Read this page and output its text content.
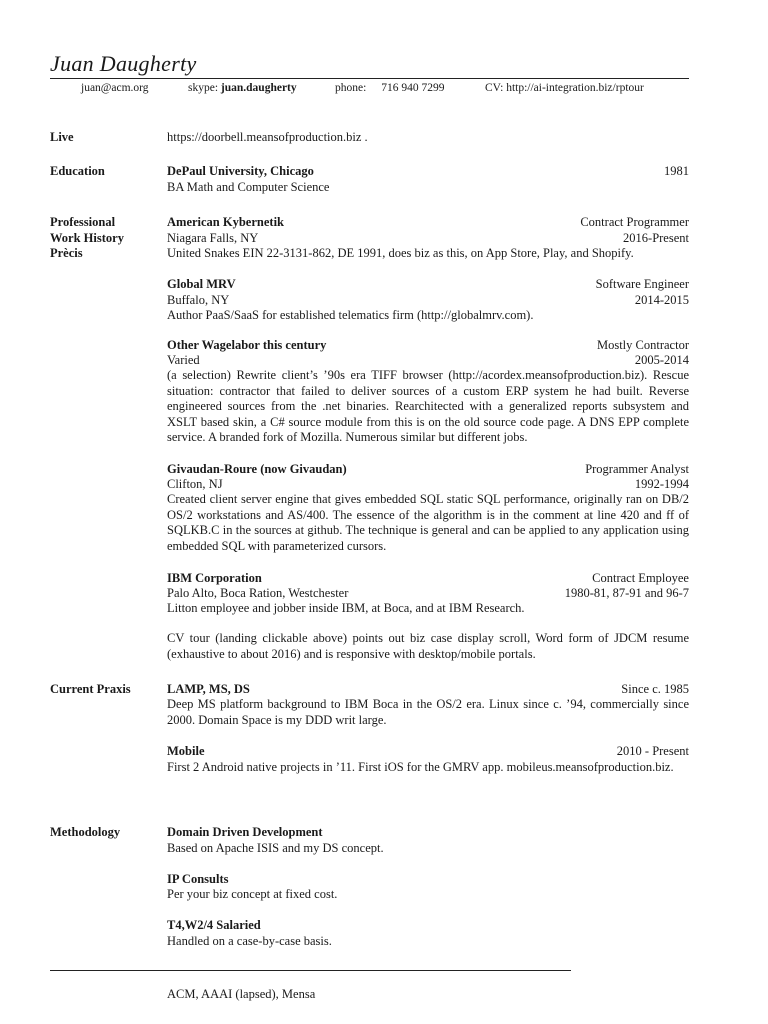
Juan Daugherty
juan@acm.org	skype: juan.daugherty	phone: 716 940 7299	CV: http://ai-integration.biz/rptour
Live	https://doorbell.meansofproduction.biz .
Education	DePaul University, Chicago	1981
BA Math and Computer Science
Professional
Work History
Prècis
American Kybernetik	Contract Programmer
Niagara Falls, NY	2016-Present
United Snakes EIN 22-3131-862, DE 1991, does biz as this, on App Store, Play, and Shopify.
Global MRV	Software Engineer
Buffalo, NY	2014-2015
Author PaaS/SaaS for established telematics firm (http://globalmrv.com).
Other Wagelabor this century	Mostly Contractor
Varied	2005-2014
(a selection) Rewrite client’s ’90s era TIFF browser (http://acordex.meansofproduction.biz). Rescue situation: contractor that failed to deliver sources of a custom ERP system he had built. Reverse engineered sources from the .net binaries. Rearchitected with a generalized reports subsystem and XSLT based skin, a C# source module from this is on the old source code page. A DNS EPP complete service. A branded fork of Mozilla. Numerous similar but different jobs.
Givaudan-Roure (now Givaudan)	Programmer Analyst
Clifton, NJ	1992-1994
Created client server engine that gives embedded SQL static SQL performance, originally ran on DB/2 OS/2 workstations and AS/400. The essence of the algorithm is in the comment at line 420 and ff of SQLKB.C in the sources at github. The technique is general and can be applied to any application using embedded SQL with parameterized cursors.
IBM Corporation	Contract Employee
Palo Alto, Boca Ration, Westchester	1980-81, 87-91 and 96-7
Litton employee and jobber inside IBM, at Boca, and at IBM Research.
CV tour (landing clickable above) points out biz case display scroll, Word form of JDCM resume (exhaustive to about 2016) and is responsive with desktop/mobile portals.
Current Praxis	LAMP, MS, DS	Since c. 1985
Deep MS platform background to IBM Boca in the OS/2 era. Linux since c. ’94, commercially since 2000. Domain Space is my DDD writ large.
Mobile	2010 - Present
First 2 Android native projects in ’11. First iOS for the GMRV app. mobileus.meansofproduction.biz.
Methodology	Domain Driven Development
Based on Apache ISIS and my DS concept.
IP Consults
Per your biz concept at fixed cost.
T4,W2/4 Salaried
Handled on a case-by-case basis.
ACM, AAAI (lapsed), Mensa
